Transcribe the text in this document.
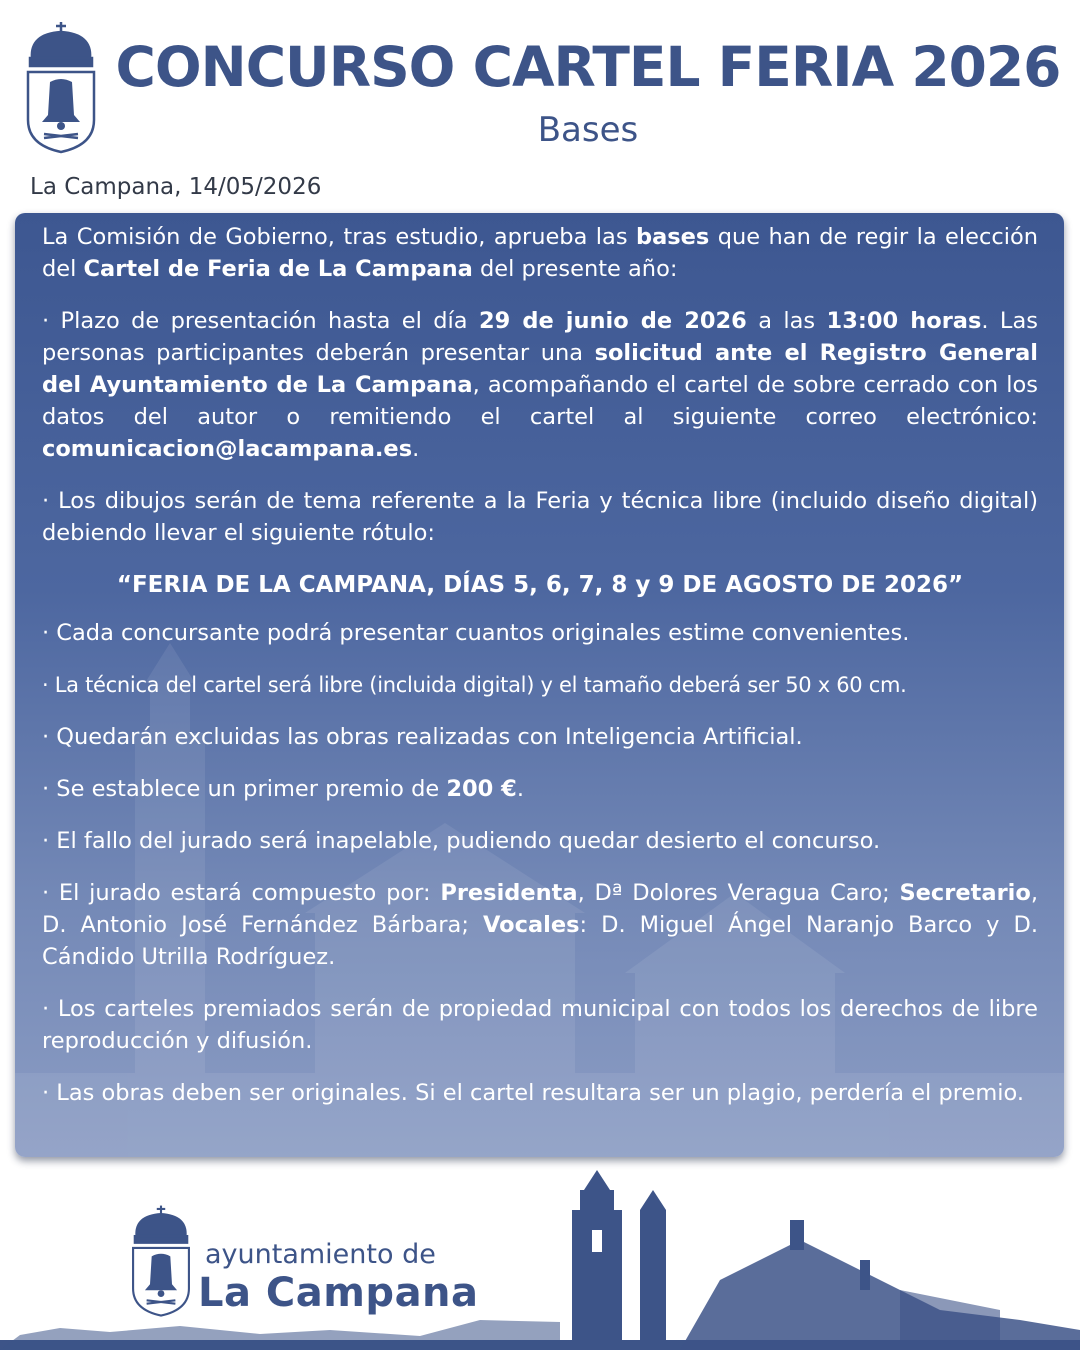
CONCURSO CARTEL FERIA 2026
Bases
La Campana, 14/05/2026

La Comisión de Gobierno, tras estudio, aprueba las bases que han de regir la elección del Cartel de Feria de La Campana del presente año:

· Plazo de presentación hasta el día 29 de junio de 2026 a las 13:00 horas. Las personas participantes deberán presentar una solicitud ante el Registro General del Ayuntamiento de La Campana, acompañando el cartel de sobre cerrado con los datos del autor o remitiendo el cartel al siguiente correo electrónico: comunicacion@lacampana.es.

· Los dibujos serán de tema referente a la Feria y técnica libre (incluido diseño digital) debiendo llevar el siguiente rótulo:

“FERIA DE LA CAMPANA, DÍAS 5, 6, 7, 8 y 9 DE AGOSTO DE 2026”

· Cada concursante podrá presentar cuantos originales estime convenientes.

· La técnica del cartel será libre (incluida digital) y el tamaño deberá ser 50 x 60 cm.

· Quedarán excluidas las obras realizadas con Inteligencia Artificial.

· Se establece un primer premio de 200 €.

· El fallo del jurado será inapelable, pudiendo quedar desierto el concurso.

· El jurado estará compuesto por: Presidenta, Dª Dolores Veragua Caro; Secretario, D. Antonio José Fernández Bárbara; Vocales: D. Miguel Ángel Naranjo Barco y D. Cándido Utrilla Rodríguez.

· Los carteles premiados serán de propiedad municipal con todos los derechos de libre reproducción y difusión.

· Las obras deben ser originales. Si el cartel resultara ser un plagio, perdería el premio.

ayuntamiento de
La Campana
